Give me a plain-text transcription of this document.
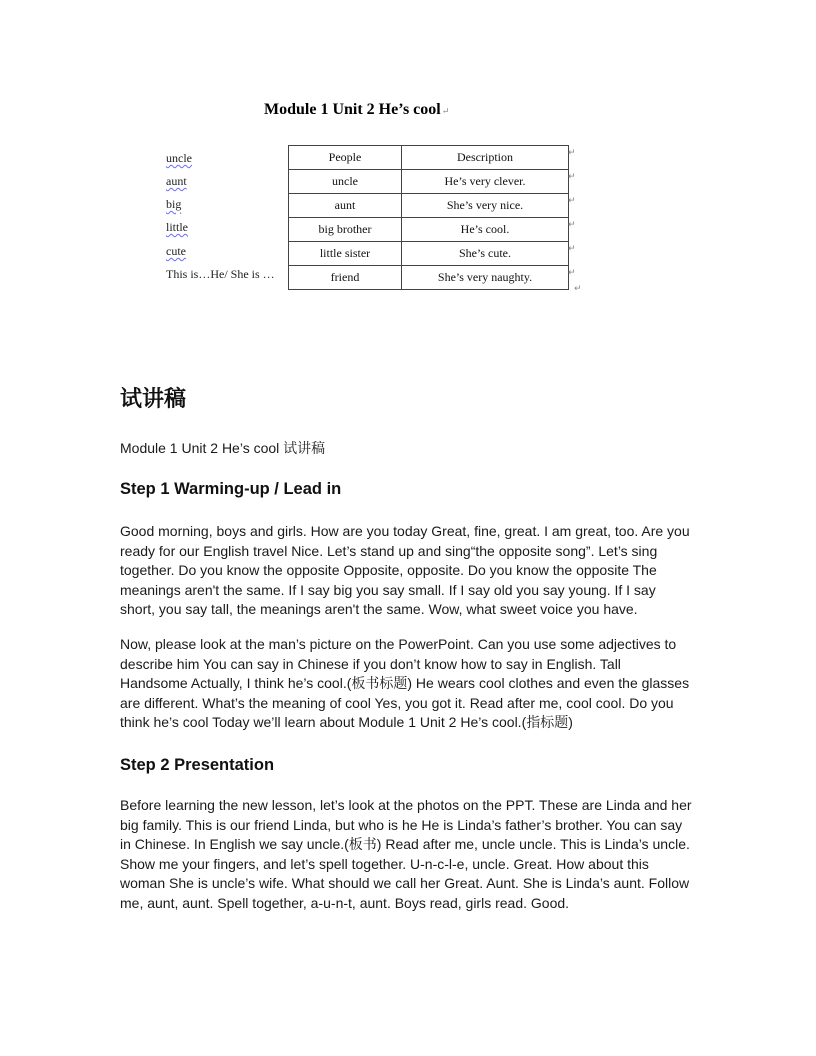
Module 1 Unit 2 He’s cool↵
uncle
aunt
big
little
cute
This is…He/ She is …
People	Description
uncle	He’s very clever.
aunt	She’s very nice.
big brother	He’s cool.
little sister	She’s cute.
friend	She’s very naughty.
↵
↵
↵
↵
↵
↵
↵
试讲稿
Module 1 Unit 2 He’s cool 试讲稿
Step 1 Warming-up / Lead in

Good morning, boys and girls. How are you today Great, fine, great. I am great, too. Are you ready for our English travel Nice. Let’s stand up and sing“the opposite song”. Let’s sing together. Do you know the opposite Opposite, opposite. Do you know the opposite The meanings aren't the same. If I say big you say small. If I say old you say young. If I say short, you say tall, the meanings aren't the same. Wow, what sweet voice you have.

Now, please look at the man’s picture on the PowerPoint. Can you use some adjectives to describe him You can say in Chinese if you don’t know how to say in English. Tall Handsome Actually, I think he’s cool.(板书标题) He wears cool clothes and even the glasses are different. What’s the meaning of cool Yes, you got it. Read after me, cool cool. Do you think he’s cool Today we’ll learn about Module 1 Unit 2 He’s cool.(指标题)

Step 2 Presentation

Before learning the new lesson, let’s look at the photos on the PPT. These are Linda and her big family. This is our friend Linda, but who is he He is Linda’s father’s brother. You can say in Chinese. In English we say uncle.(板书) Read after me, uncle uncle. This is Linda’s uncle. Show me your fingers, and let’s spell together. U-n-c-l-e, uncle. Great. How about this woman She is uncle’s wife. What should we call her Great. Aunt. She is Linda’s aunt. Follow me, aunt, aunt. Spell together, a-u-n-t, aunt. Boys read, girls read. Good.
